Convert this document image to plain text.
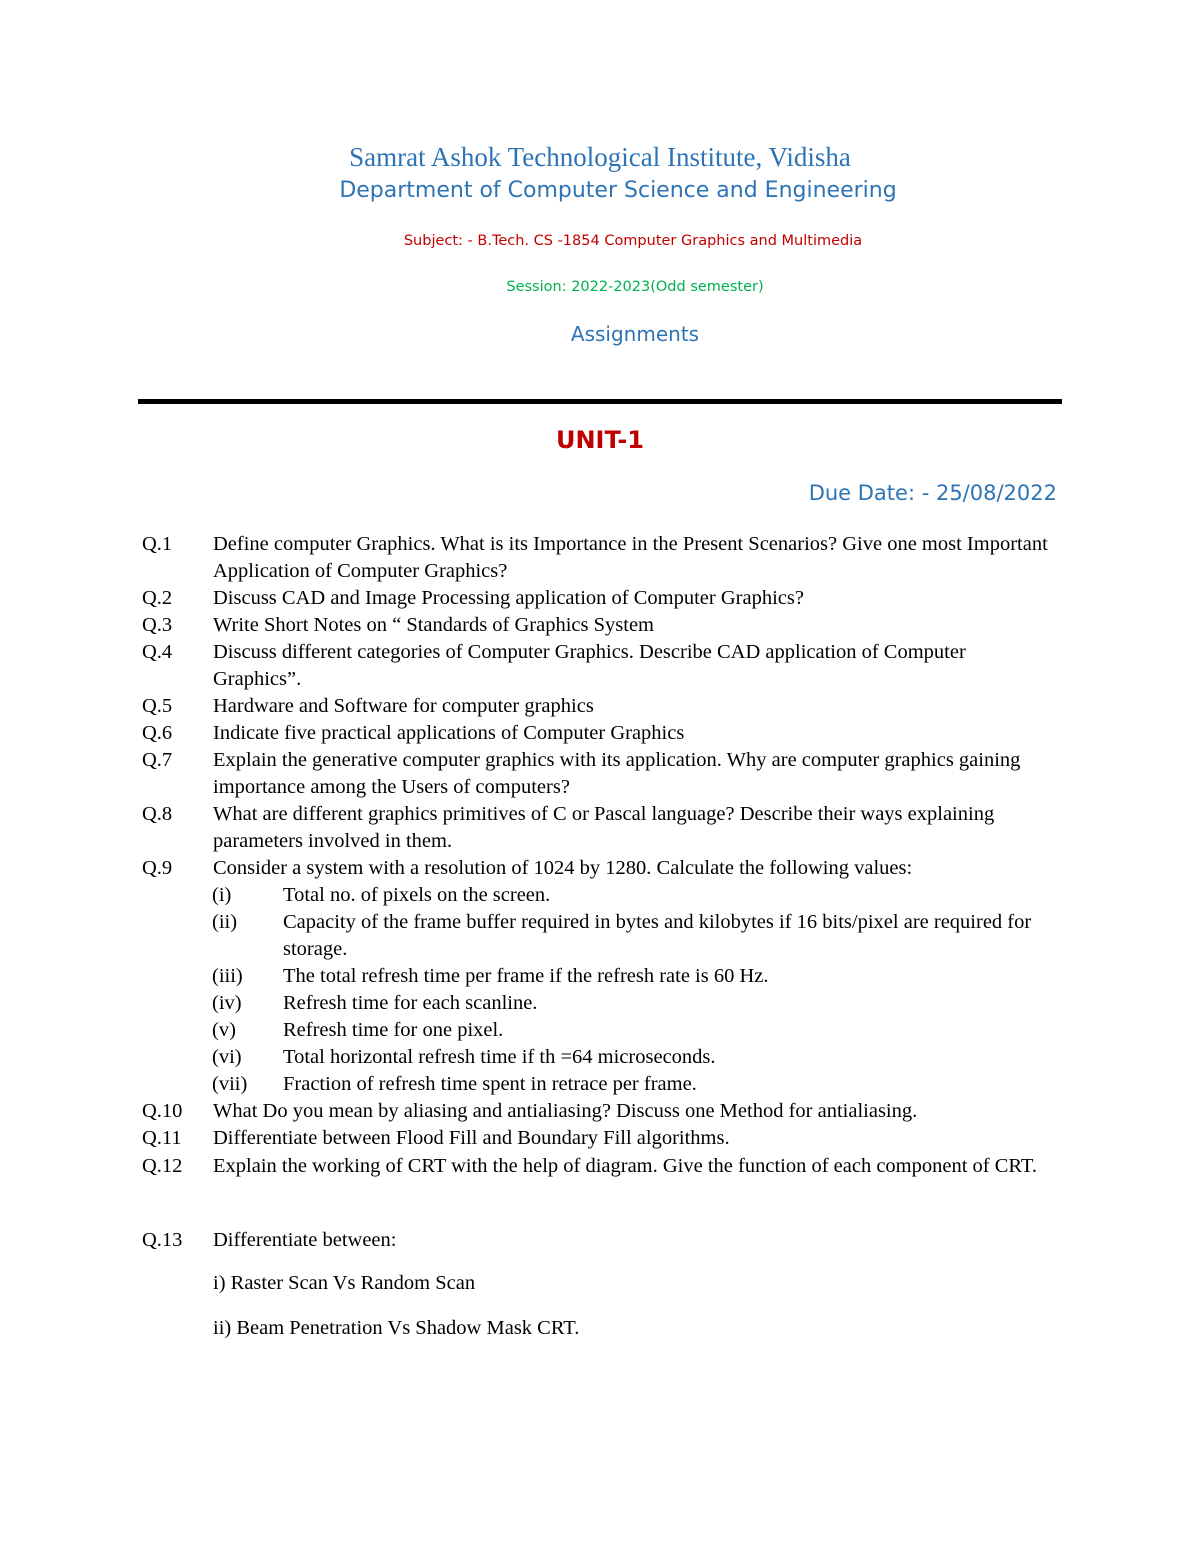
Samrat Ashok Technological Institute, Vidisha
Department of Computer Science and Engineering
Subject: - B.Tech. CS -1854 Computer Graphics and Multimedia
Session: 2022-2023(Odd semester)
Assignments
UNIT-1
Due Date: - 25/08/2022
Q.1	Define computer Graphics. What is its Importance in the Present Scenarios? Give one most Important Application of Computer Graphics?
Q.2	Discuss CAD and Image Processing application of Computer Graphics?
Q.3	Write Short Notes on “ Standards of Graphics System
Q.4	Discuss different categories of Computer Graphics. Describe CAD application of Computer Graphics”.
Q.5	Hardware and Software for computer graphics
Q.6	Indicate five practical applications of Computer Graphics
Q.7	Explain the generative computer graphics with its application. Why are computer graphics gaining importance among the Users of computers?
Q.8	What are different graphics primitives of C or Pascal language? Describe their ways explaining parameters involved in them.
Q.9	Consider a system with a resolution of 1024 by 1280. Calculate the following values:
(i)	Total no. of pixels on the screen.
(ii)	Capacity of the frame buffer required in bytes and kilobytes if 16 bits/pixel are required for storage.
(iii)	The total refresh time per frame if the refresh rate is 60 Hz.
(iv)	Refresh time for each scanline.
(v)	Refresh time for one pixel.
(vi)	Total horizontal refresh time if th =64 microseconds.
(vii)	Fraction of refresh time spent in retrace per frame.
Q.10	What Do you mean by aliasing and antialiasing? Discuss one Method for antialiasing.
Q.11	Differentiate between Flood Fill and Boundary Fill algorithms.
Q.12	Explain the working of CRT with the help of diagram. Give the function of each component of CRT.
Q.13	Differentiate between:
i) Raster Scan Vs Random Scan
ii) Beam Penetration Vs Shadow Mask CRT.
